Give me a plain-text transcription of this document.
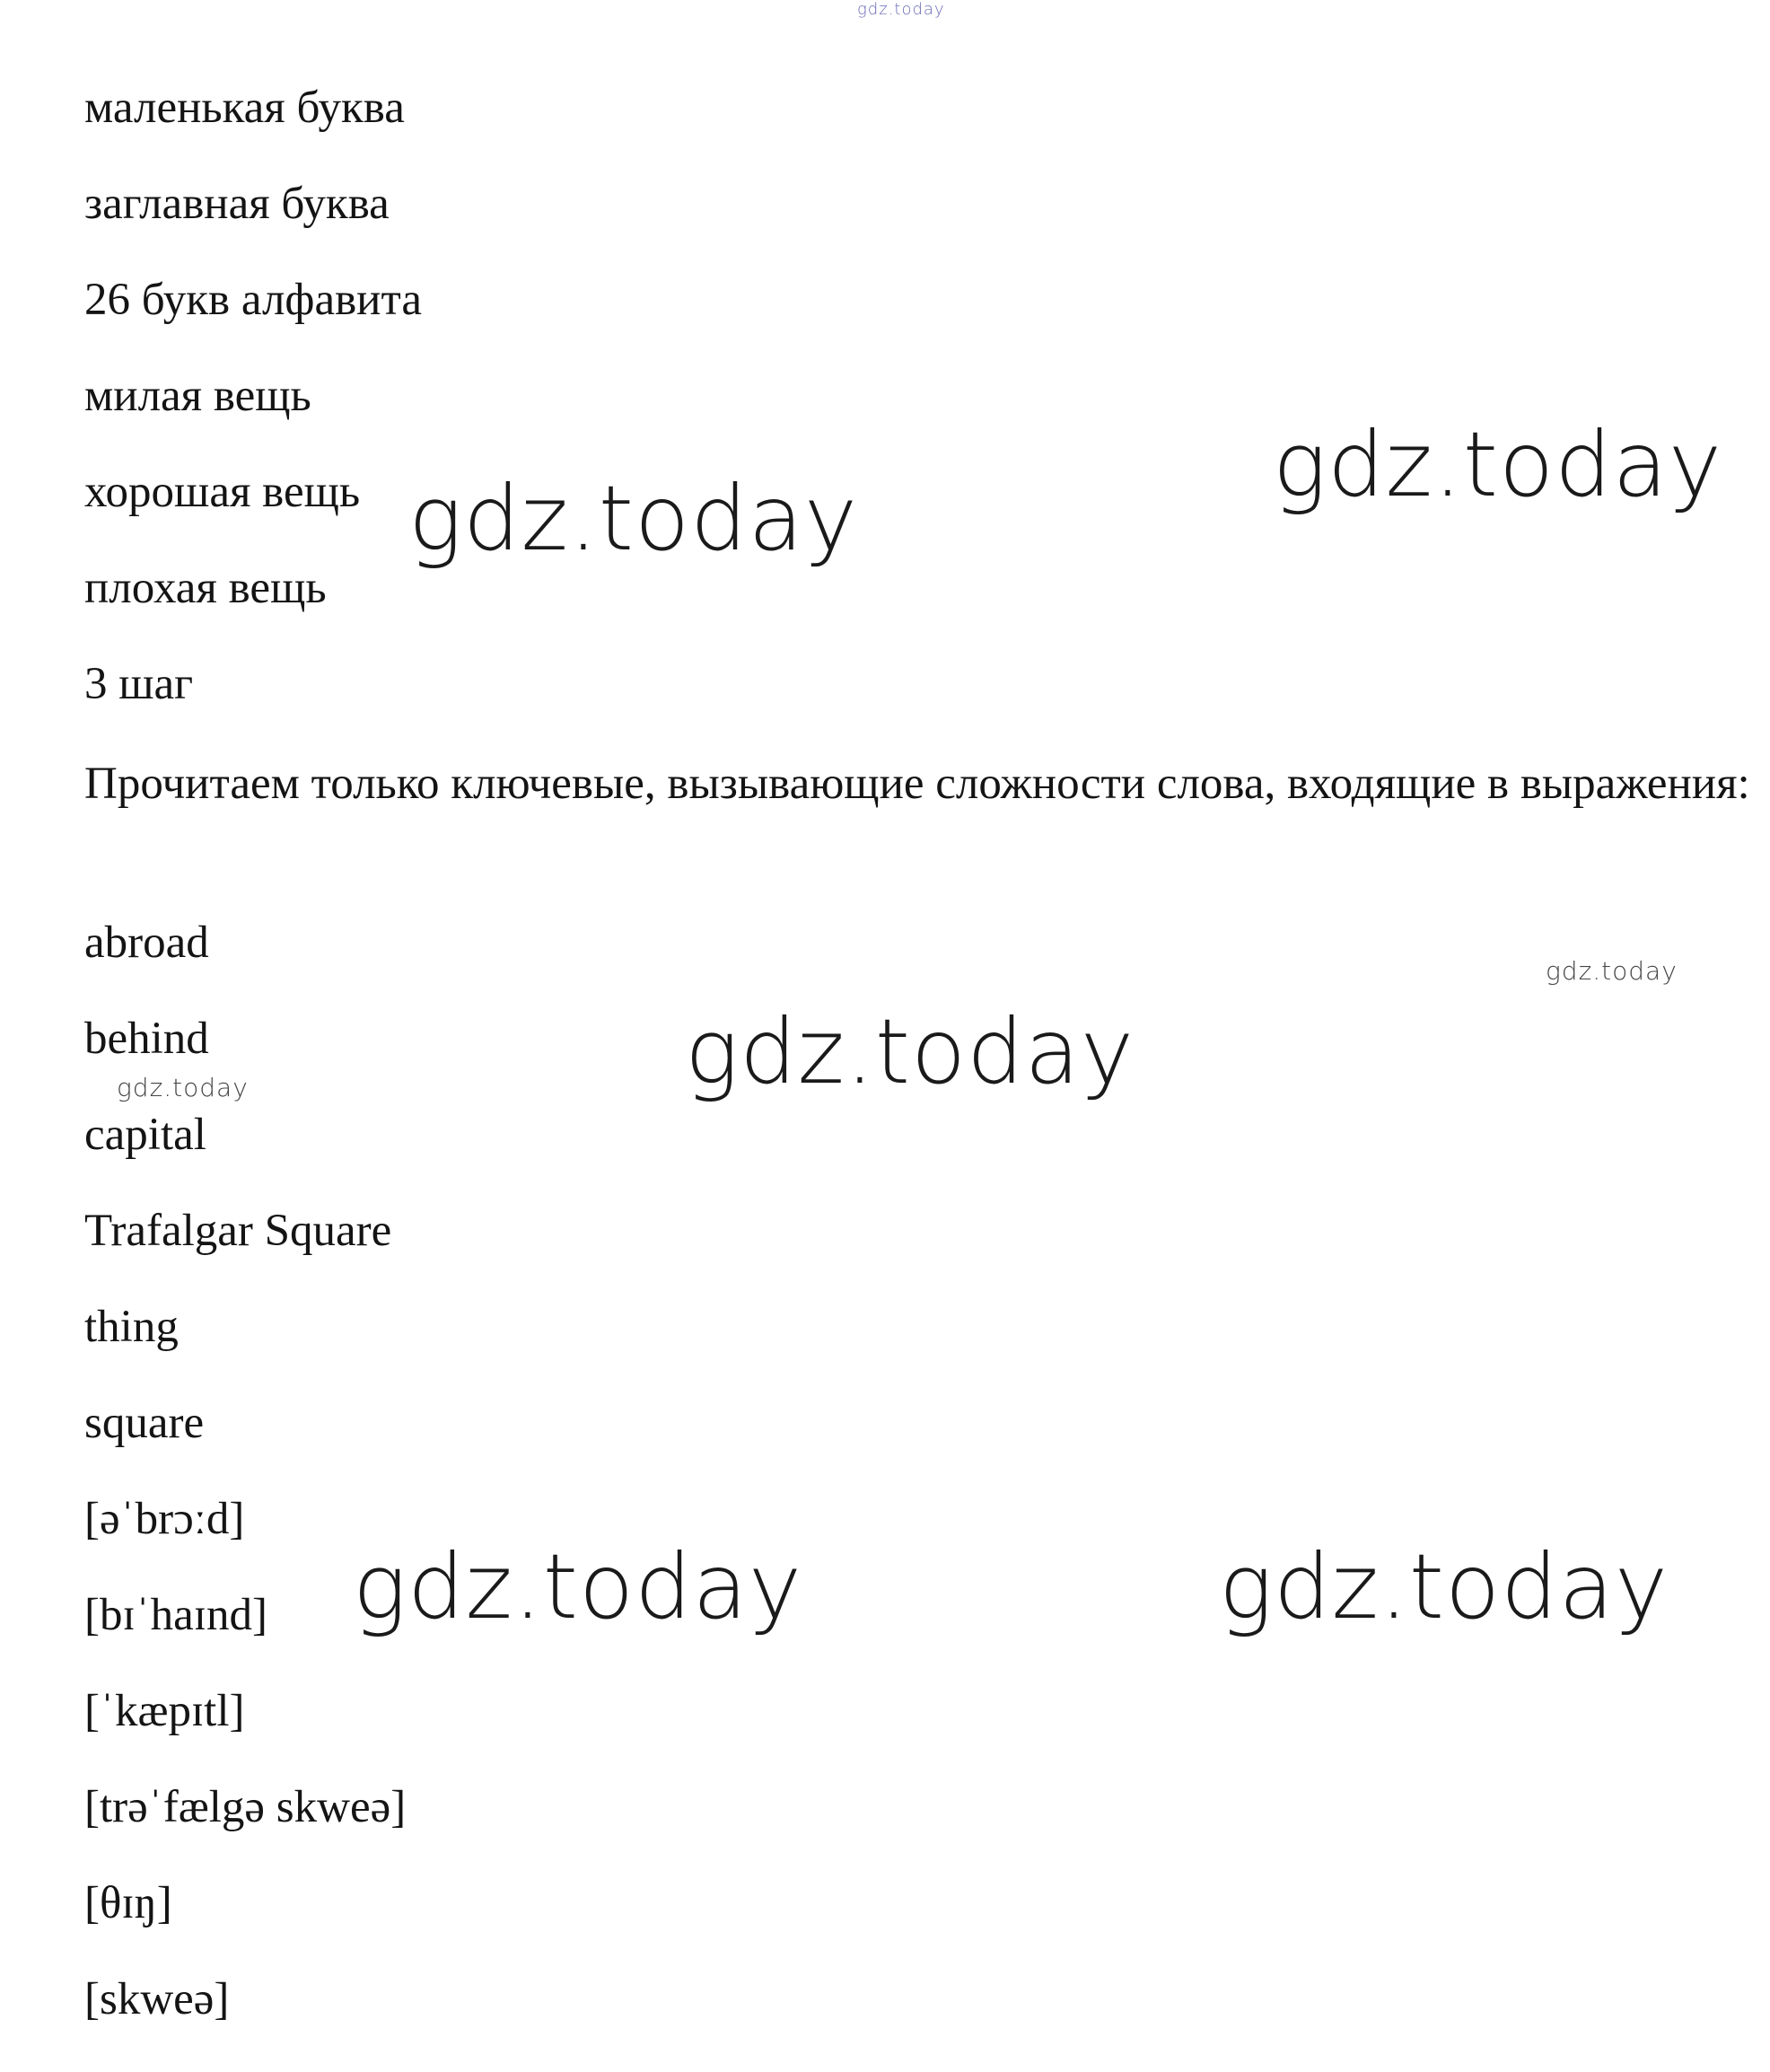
gdz.today

маленькая буква

заглавная буква

26 букв алфавита

милая вещь

хорошая вещь

плохая вещь

3 шаг

Прочитаем только ключевые, вызывающие сложности слова, входящие в выражения:

abroad

behind

capital

Trafalgar Square

thing

square

[əˈbrɔːd]

[bɪˈhaɪnd]

[ˈkæpɪtl]

[trəˈfælgə skweə]

[θɪŋ]

[skweə]

gdz.today
gdz.today
gdz.today
gdz.today
gdz.today
gdz.today	gdz.today
